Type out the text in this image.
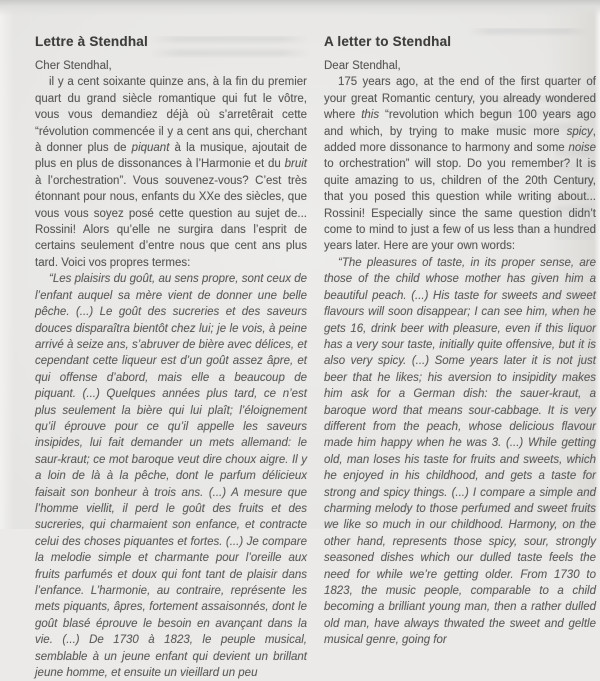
Lettre à Stendhal

Cher Stendhal,

il y a cent soixante quinze ans, à la fin du premier quart du grand siècle romantique qui fut le vôtre, vous vous demandiez déjà où s’arretêrait cette “révolution commencée il y a cent ans qui, cherchant à donner plus de piquant à la musique, ajoutait de plus en plus de dissonances à l’Harmonie et du bruit à l’orchestration”. Vous souvenez-vous? C’est très étonnant pour nous, enfants du XXe des siècles, que vous vous soyez posé cette question au sujet de... Rossini! Alors qu’elle ne surgira dans l’esprit de certains seulement d’entre nous que cent ans plus tard. Voici vos propres termes:

“Les plaisirs du goût, au sens propre, sont ceux de l’enfant auquel sa mère vient de donner une belle pêche. (...) Le goût des sucreries et des saveurs douces disparaîtra bientôt chez lui; je le vois, à peine arrivé à seize ans, s’abruver de bière avec délices, et cependant cette liqueur est d’un goût assez âpre, et qui offense d’abord, mais elle a beaucoup de piquant. (...) Quelques années plus tard, ce n’est plus seulement la bière qui lui plaît; l’éloignement qu’il éprouve pour ce qu’il appelle les saveurs insipides, lui fait demander un mets allemand: le saur-kraut; ce mot baroque veut dire choux aigre. Il y a loin de là à la pêche, dont le parfum délicieux faisait son bonheur à trois ans. (...) A mesure que l’homme viellit, il perd le goût des fruits et des sucreries, qui charmaient son enfance, et contracte celui des choses piquantes et fortes. (...) Je compare la melodie simple et charmante pour l’oreille aux fruits parfumés et doux qui font tant de plaisir dans l’enfance. L’harmonie, au contraire, représente les mets piquants, âpres, fortement assaisonnés, dont le goût blasé éprouve le besoin en avançant dans la vie. (...) De 1730 à 1823, le peuple musical, semblable à un jeune enfant qui devient un brillant jeune homme, et ensuite un vieillard un peu

A letter to Stendhal

Dear Stendhal,

175 years ago, at the end of the first quarter of your great Romantic century, you already wondered where this “revolution which begun 100 years ago and which, by trying to make music more spicy, added more dissonance to harmony and some noise to orchestration” will stop. Do you remember? It is quite amazing to us, children of the 20th Century, that you posed this question while writing about... Rossini! Especially since the same question didn’t come to mind to just a few of us less than a hundred years later. Here are your own words:

“The pleasures of taste, in its proper sense, are those of the child whose mother has given him a beautiful peach. (...) His taste for sweets and sweet flavours will soon disappear; I can see him, when he gets 16, drink beer with pleasure, even if this liquor has a very sour taste, initially quite offensive, but it is also very spicy. (...) Some years later it is not just beer that he likes; his aversion to insipidity makes him ask for a German dish: the sauer-kraut, a baroque word that means sour-cabbage. It is very different from the peach, whose delicious flavour made him happy when he was 3. (...) While getting old, man loses his taste for fruits and sweets, which he enjoyed in his childhood, and gets a taste for strong and spicy things. (...) I compare a simple and charming melody to those perfumed and sweet fruits we like so much in our childhood. Harmony, on the other hand, represents those spicy, sour, strongly seasoned dishes which our dulled taste feels the need for while we’re getting older. From 1730 to 1823, the music people, comparable to a child becoming a brilliant young man, then a rather dulled old man, have always thwated the sweet and geltle musical genre, going for
